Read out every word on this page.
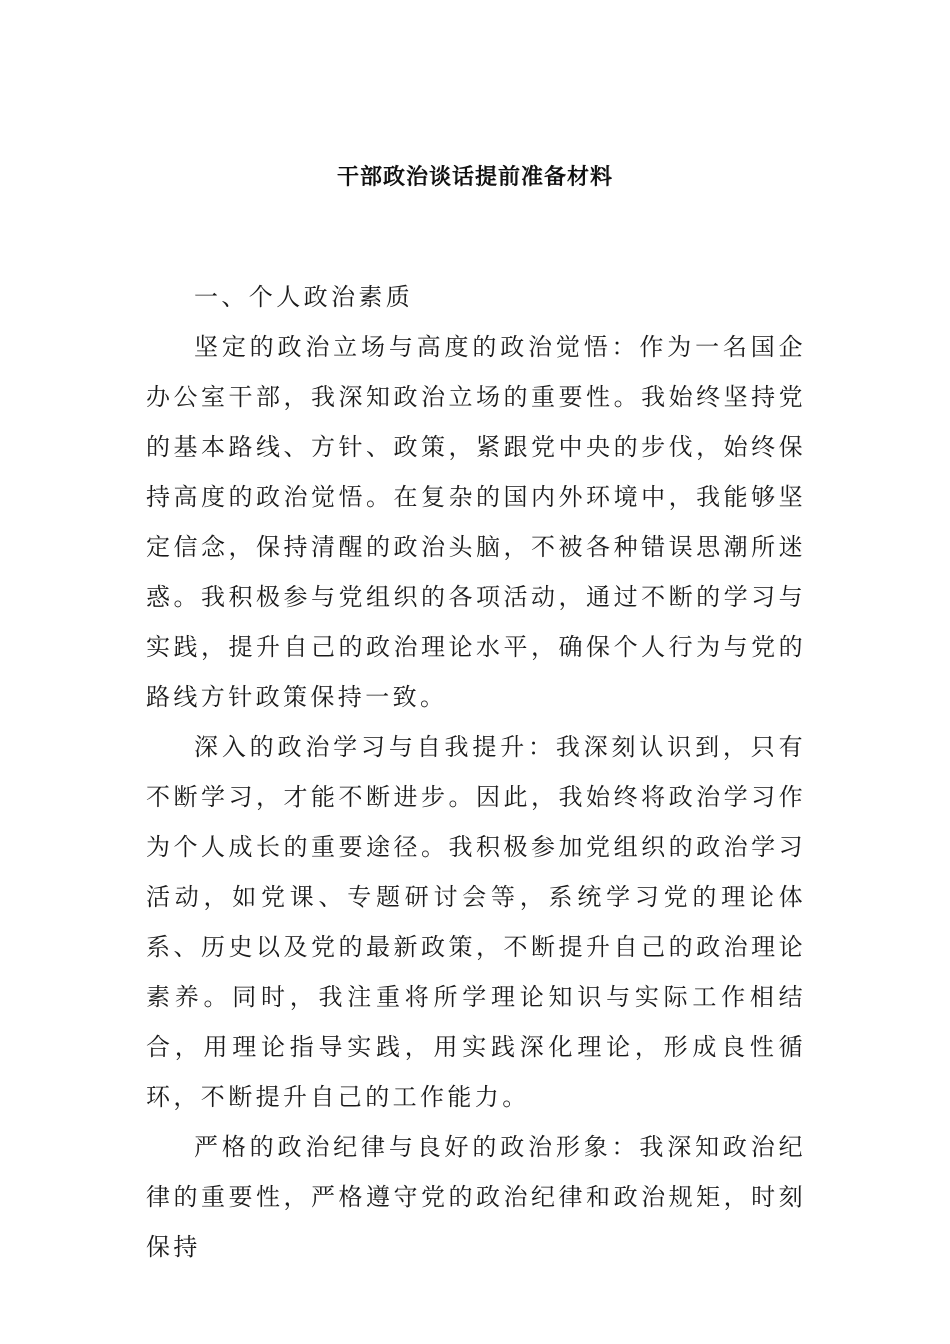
干部政治谈话提前准备材料

一、个人政治素质

坚定的政治立场与高度的政治觉悟：作为一名国企办公室干部，我深知政治立场的重要性。我始终坚持党的基本路线、方针、政策，紧跟党中央的步伐，始终保持高度的政治觉悟。在复杂的国内外环境中，我能够坚定信念，保持清醒的政治头脑，不被各种错误思潮所迷惑。我积极参与党组织的各项活动，通过不断的学习与实践，提升自己的政治理论水平，确保个人行为与党的路线方针政策保持一致。

深入的政治学习与自我提升：我深刻认识到，只有不断学习，才能不断进步。因此，我始终将政治学习作为个人成长的重要途径。我积极参加党组织的政治学习活动，如党课、专题研讨会等，系统学习党的理论体系、历史以及党的最新政策，不断提升自己的政治理论素养。同时，我注重将所学理论知识与实际工作相结合，用理论指导实践，用实践深化理论，形成良性循环，不断提升自己的工作能力。

严格的政治纪律与良好的政治形象：我深知政治纪律的重要性，严格遵守党的政治纪律和政治规矩，时刻保持
